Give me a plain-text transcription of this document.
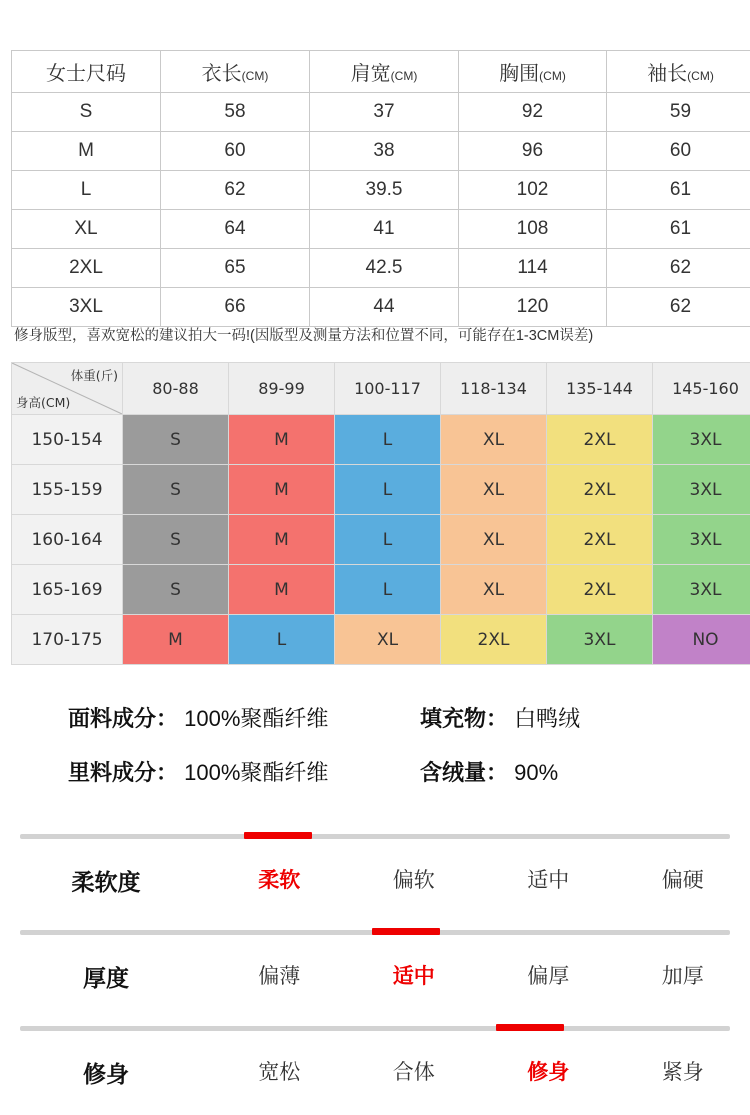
女士尺码	衣长(CM)	肩宽(CM)	胸围(CM)	袖长(CM)
S	58	37	92	59
M	60	38	96	60
L	62	39.5	102	61
XL	64	41	108	61
2XL	65	42.5	114	62
3XL	66	44	120	62
修身版型，喜欢宽松的建议拍大一码!(因版型及测量方法和位置不同，可能存在1-3CM误差)
体重(斤)
身高(CM)	80-88	89-99	100-117	118-134	135-144	145-160
150-154	S	M	L	XL	2XL	3XL
155-159	S	M	L	XL	2XL	3XL
160-164	S	M	L	XL	2XL	3XL
165-169	S	M	L	XL	2XL	3XL
170-175	M	L	XL	2XL	3XL	NO
面料成分： 100%聚酯纤维	填充物： 白鸭绒
里料成分： 100%聚酯纤维	含绒量： 90%
柔软度	柔软	偏软	适中	偏硬
厚度	偏薄	适中	偏厚	加厚
修身	宽松	合体	修身	紧身
